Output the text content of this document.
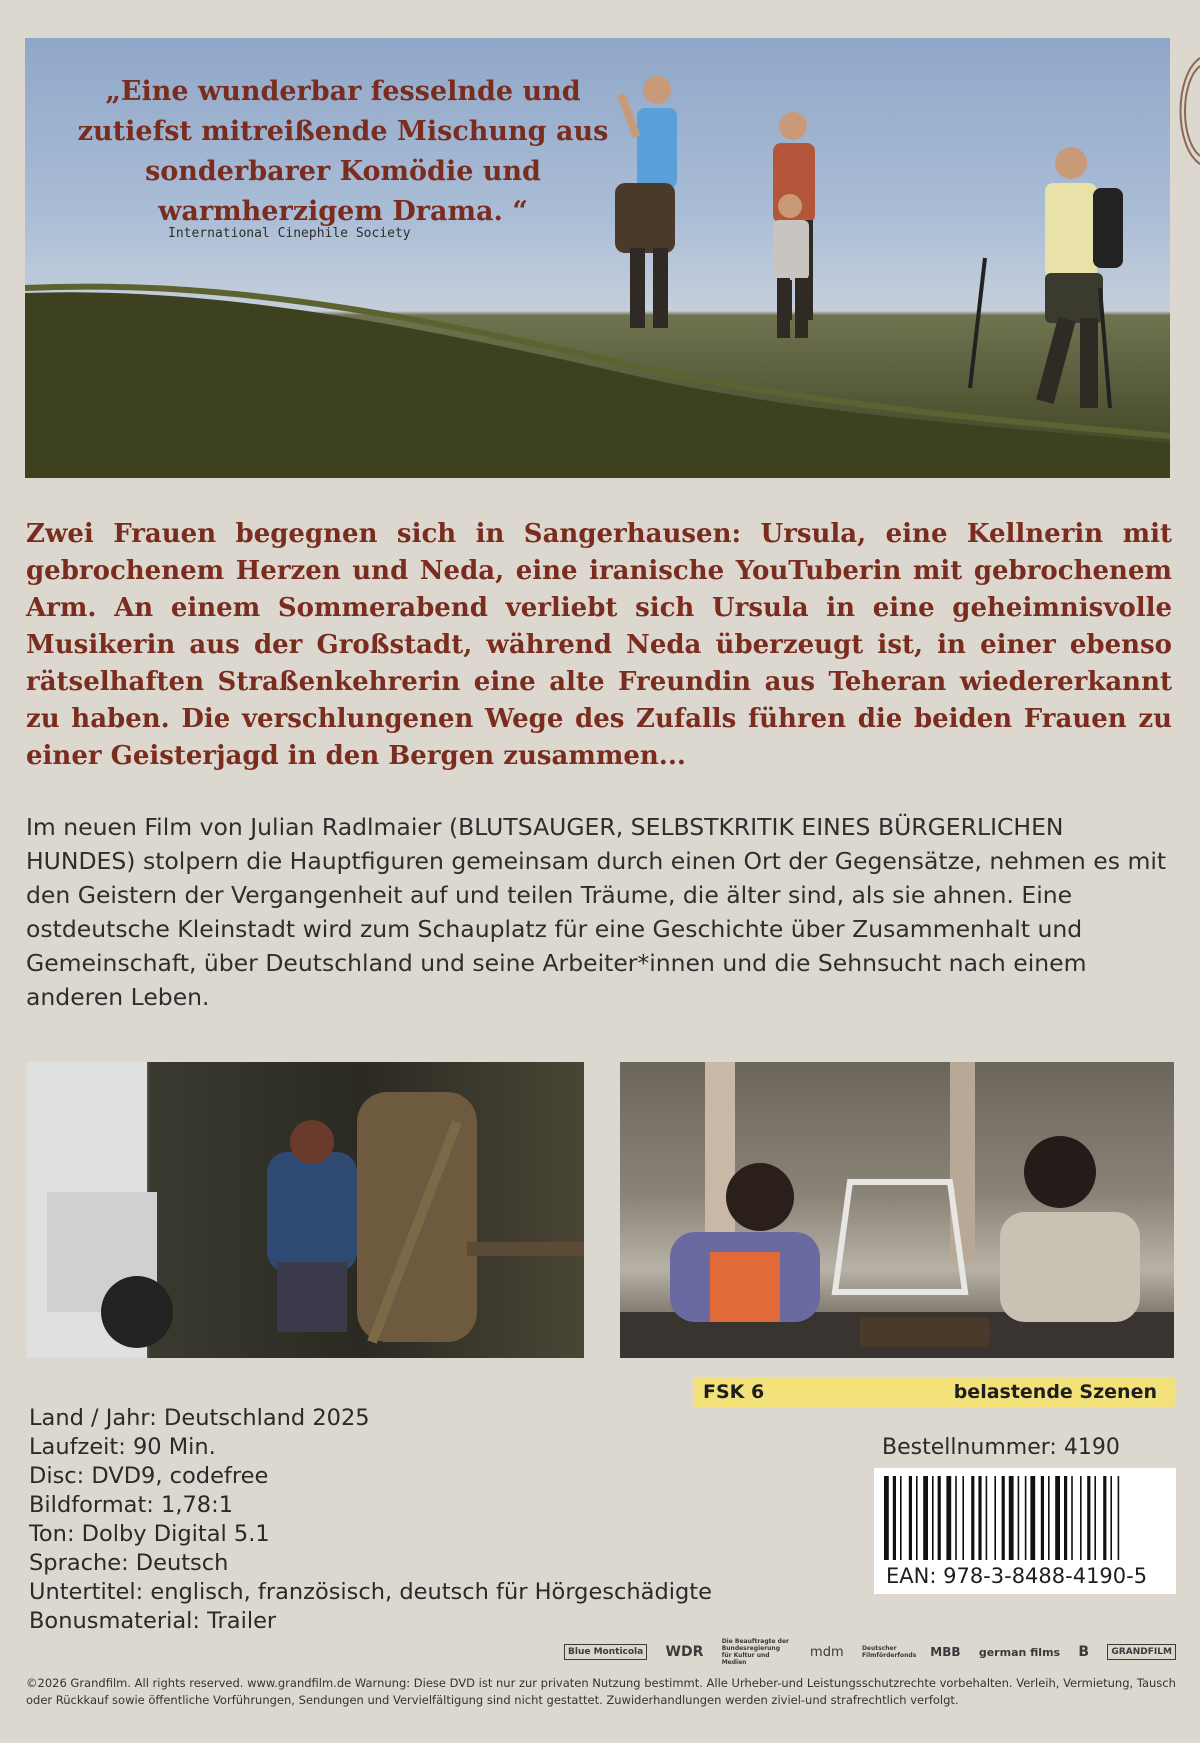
„Eine wunderbar fesselnde und zutiefst mitreißende Mischung aus sonderbarer Komödie und warmherzigem Drama. “
International Cinephile Society
Zwei Frauen begegnen sich in Sangerhausen: Ursula, eine Kellnerin mit gebrochenem Herzen und Neda, eine iranische YouTuberin mit gebrochenem Arm. An einem Sommerabend verliebt sich Ursula in eine geheimnisvolle Musikerin aus der Großstadt, während Neda überzeugt ist, in einer ebenso rätselhaften Straßenkehrerin eine alte Freundin aus Teheran wiedererkannt zu haben. Die verschlungenen Wege des Zufalls führen die beiden Frauen zu einer Geisterjagd in den Bergen zusammen...
Im neuen Film von Julian Radlmaier (BLUTSAUGER, SELBSTKRITIK EINES BÜRGERLICHEN HUNDES) stolpern die Hauptfiguren gemeinsam durch einen Ort der Gegensätze, nehmen es mit den Geistern der Vergangenheit auf und teilen Träume, die älter sind, als sie ahnen. Eine ostdeutsche Kleinstadt wird zum Schauplatz für eine Geschichte über Zusammenhalt und Gemeinschaft, über Deutschland und seine Arbeiter*innen und die Sehnsucht nach einem anderen Leben.
FSK 6	belastende Szenen
Land / Jahr: Deutschland 2025
Laufzeit: 90 Min.
Disc: DVD9, codefree
Bildformat: 1,78:1
Ton: Dolby Digital 5.1
Sprache: Deutsch
Untertitel: englisch, französisch, deutsch für Hörgeschädigte
Bonusmaterial: Trailer
Bestellnummer: 4190
EAN: 978-3-8488-4190-5
Blue Monticola WDR
Die Beauftragte der Bundesregierung für Kultur und Medien
mdm	Deutscher Filmförderfonds MBB german films B	GRANDFILM
©2026 Grandfilm. All rights reserved. www.grandfilm.de Warnung: Diese DVD ist nur zur privaten Nutzung bestimmt. Alle Urheber-und Leistungsschutzrechte vorbehalten. Verleih, Vermietung, Tausch oder Rückkauf sowie öffentliche Vorführungen, Sendungen und Vervielfältigung sind nicht gestattet. Zuwiderhandlungen werden ziviel-und strafrechtlich verfolgt.
